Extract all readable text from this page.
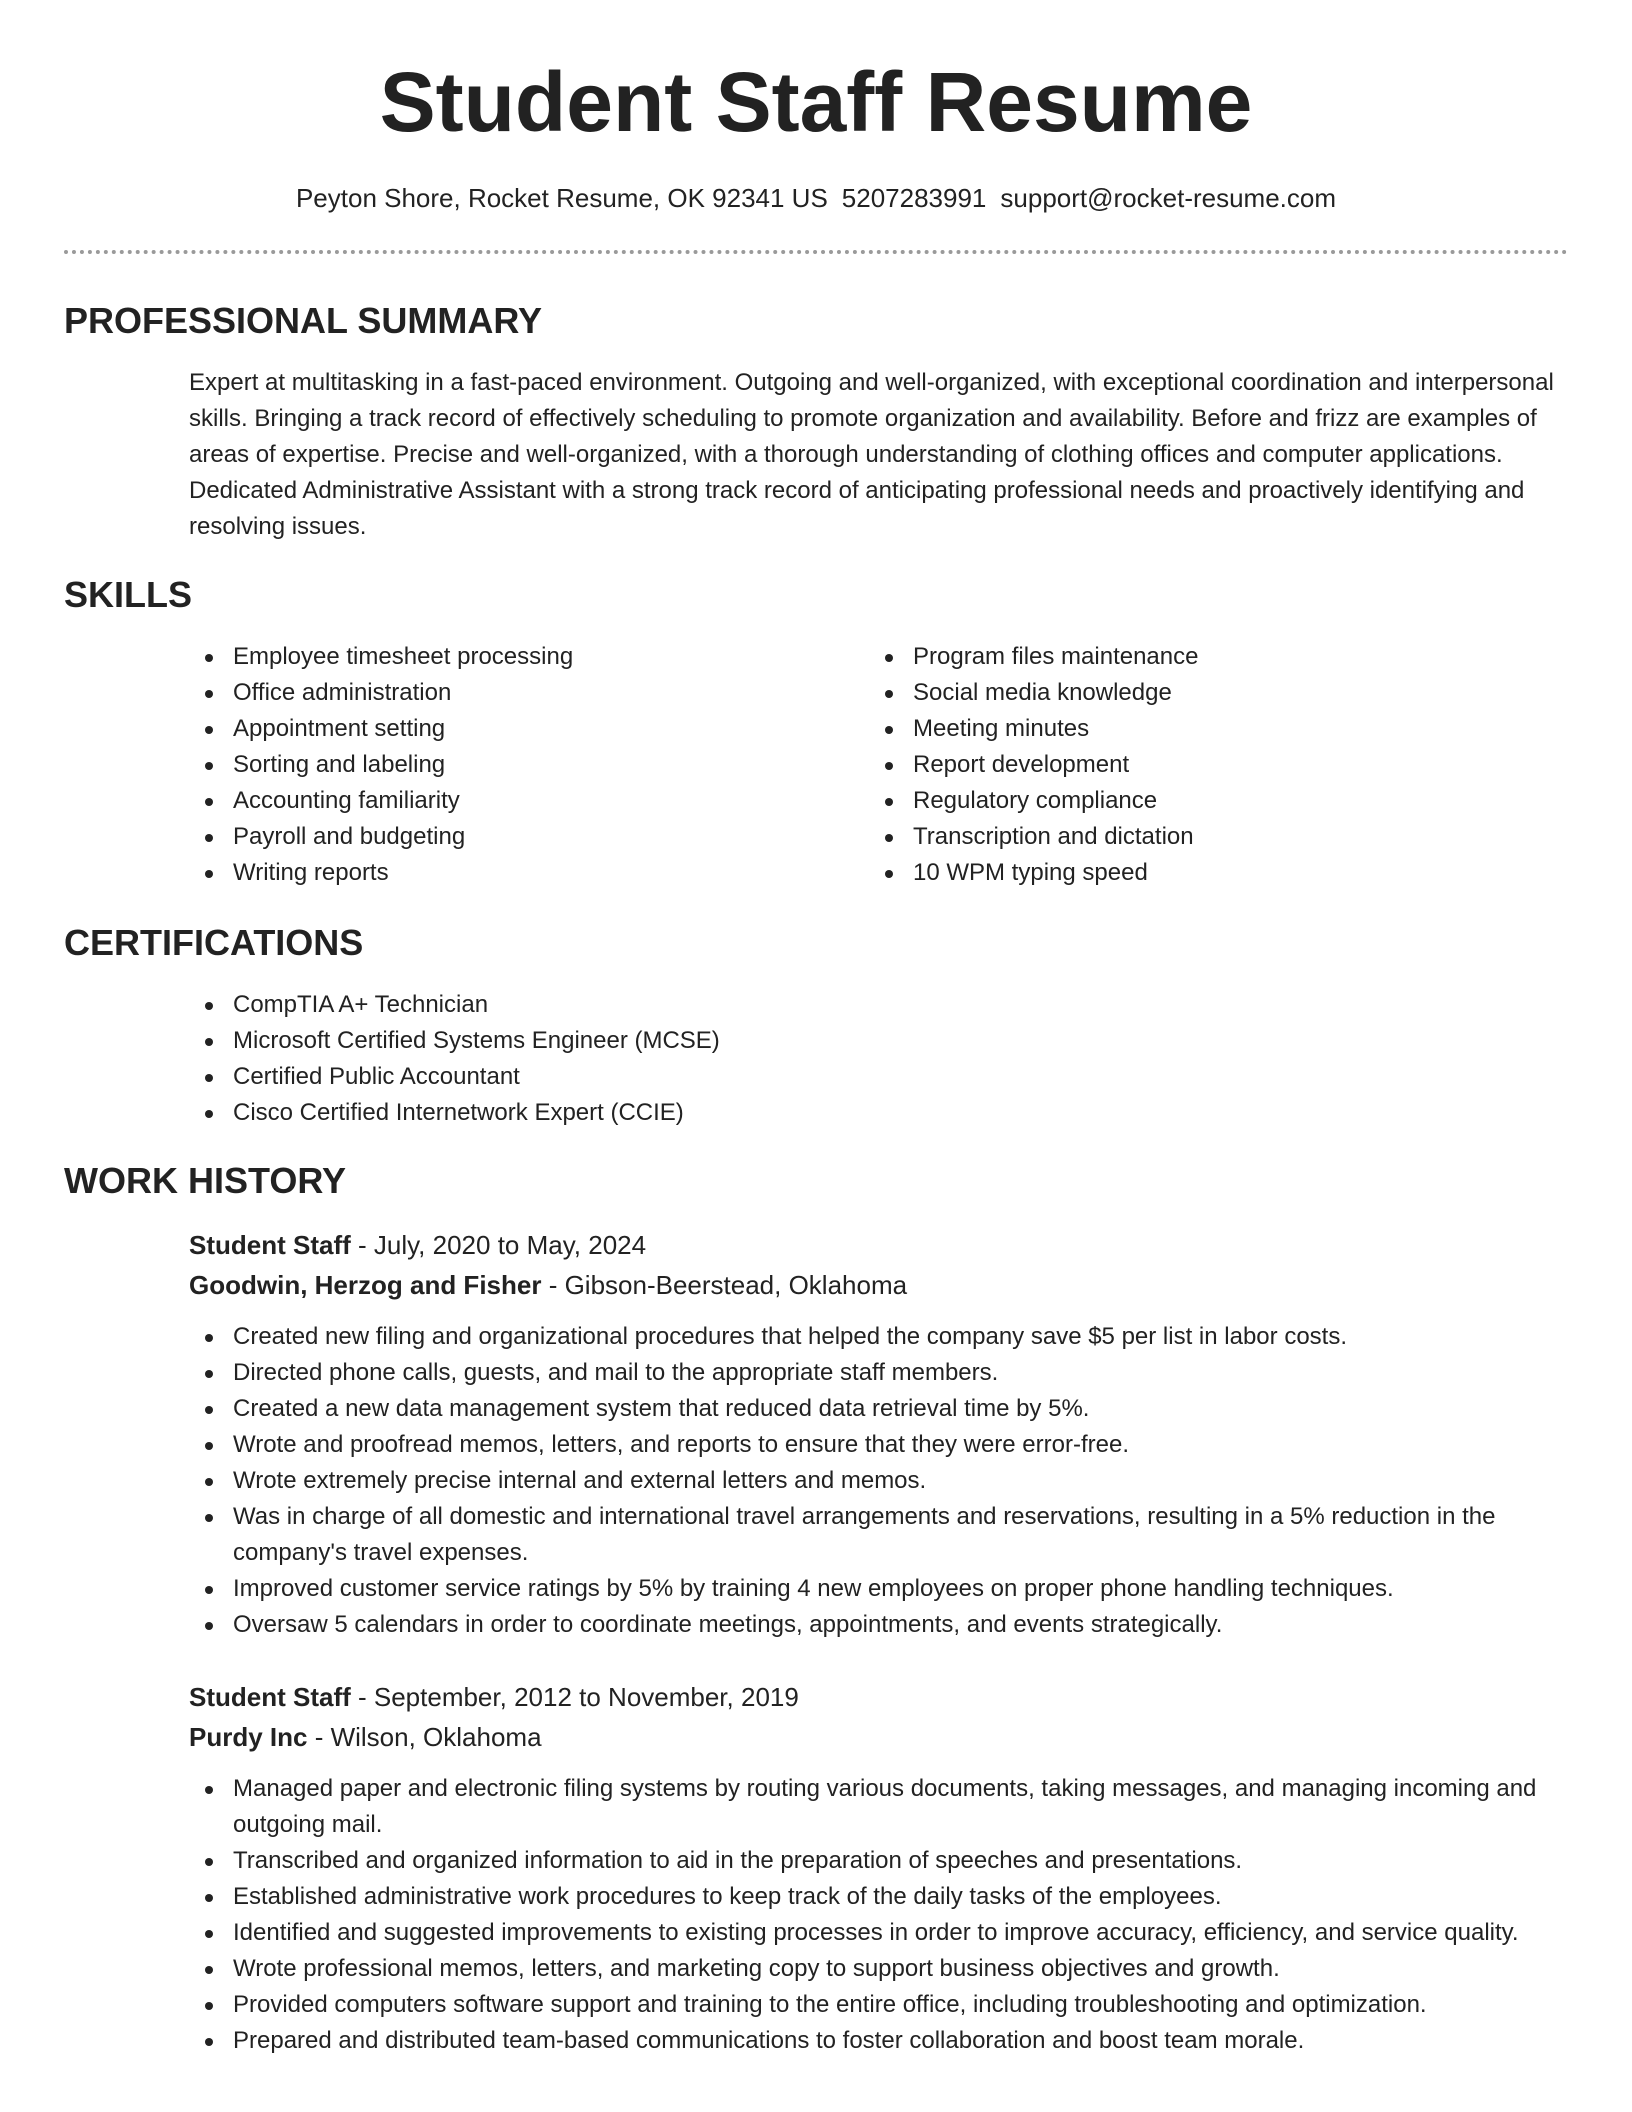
Student Staff Resume
Peyton Shore, Rocket Resume, OK 92341 US 5207283991 support@rocket-resume.com
PROFESSIONAL SUMMARY

Expert at multitasking in a fast-paced environment. Outgoing and well-organized, with exceptional coordination and interpersonal skills. Bringing a track record of effectively scheduling to promote organization and availability. Before and frizz are examples of areas of expertise. Precise and well-organized, with a thorough understanding of clothing offices and computer applications. Dedicated Administrative Assistant with a strong track record of anticipating professional needs and proactively identifying and resolving issues.

SKILLS
Employee timesheet processing
Office administration
Appointment setting
Sorting and labeling
Accounting familiarity
Payroll and budgeting
Writing reports
Program files maintenance
Social media knowledge
Meeting minutes
Report development
Regulatory compliance
Transcription and dictation
10 WPM typing speed
CERTIFICATIONS
CompTIA A+ Technician
Microsoft Certified Systems Engineer (MCSE)
Certified Public Accountant
Cisco Certified Internetwork Expert (CCIE)
WORK HISTORY
Student Staff - July, 2020 to May, 2024
Goodwin, Herzog and Fisher - Gibson-Beerstead, Oklahoma
Created new filing and organizational procedures that helped the company save $5 per list in labor costs.
Directed phone calls, guests, and mail to the appropriate staff members.
Created a new data management system that reduced data retrieval time by 5%.
Wrote and proofread memos, letters, and reports to ensure that they were error-free.
Wrote extremely precise internal and external letters and memos.
Was in charge of all domestic and international travel arrangements and reservations, resulting in a 5% reduction in the company's travel expenses.
Improved customer service ratings by 5% by training 4 new employees on proper phone handling techniques.
Oversaw 5 calendars in order to coordinate meetings, appointments, and events strategically.
Student Staff - September, 2012 to November, 2019
Purdy Inc - Wilson, Oklahoma
Managed paper and electronic filing systems by routing various documents, taking messages, and managing incoming and outgoing mail.
Transcribed and organized information to aid in the preparation of speeches and presentations.
Established administrative work procedures to keep track of the daily tasks of the employees.
Identified and suggested improvements to existing processes in order to improve accuracy, efficiency, and service quality.
Wrote professional memos, letters, and marketing copy to support business objectives and growth.
Provided computers software support and training to the entire office, including troubleshooting and optimization.
Prepared and distributed team-based communications to foster collaboration and boost team morale.
